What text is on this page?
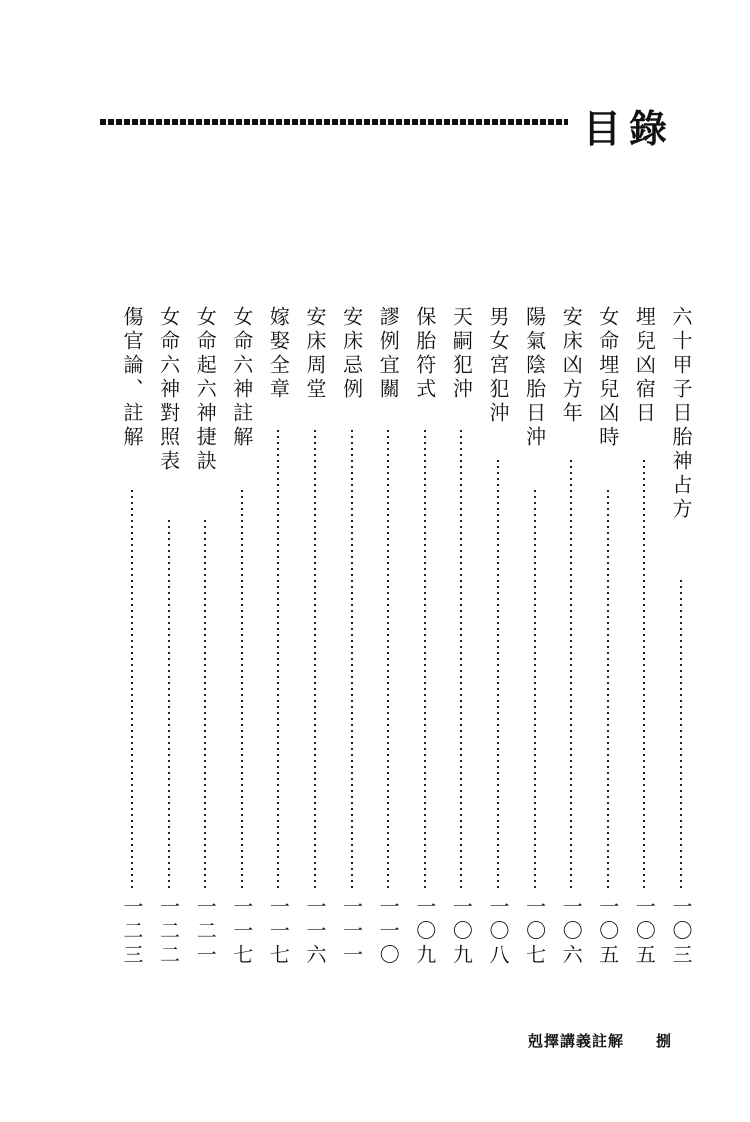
目錄
六十甲子日胎神占方
一〇三
埋兒凶宿日
一〇五
女命埋兒凶時
一〇五
安床凶方年
一〇六
陽氣陰胎日沖
一〇七
男女宮犯沖
一〇八
天嗣犯沖
一〇九
保胎符式
一〇九
謬例宜關
一一〇
安床忌例
一一一
安床周堂
一一六
嫁娶全章
一一七
女命六神註解
一一七
女命起六神捷訣
一二一
女命六神對照表
一二二
傷官論、註解
一二三
剋擇講義註解 捌
